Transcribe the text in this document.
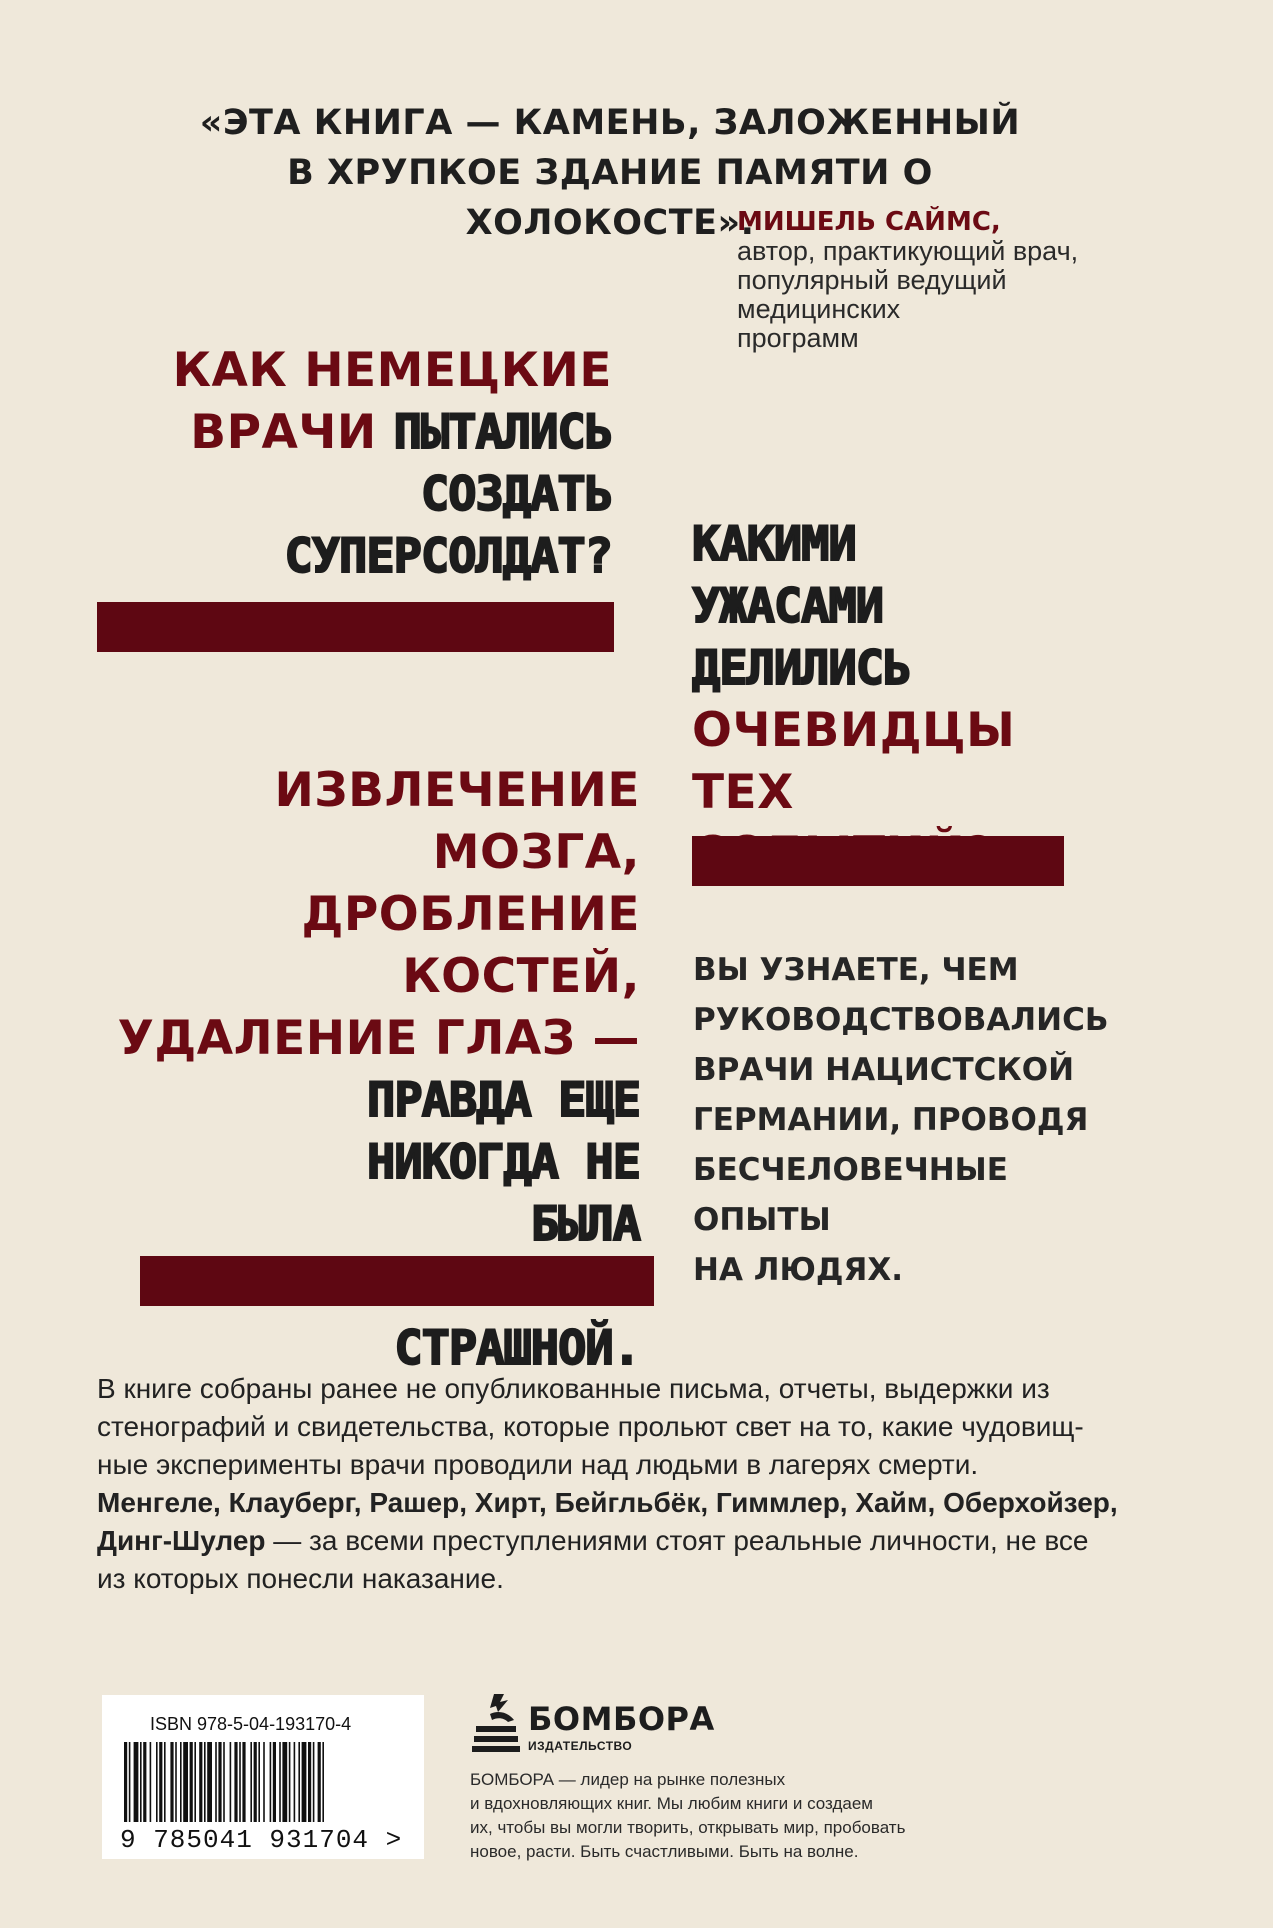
«ЭТА КНИГА — КАМЕНЬ, ЗАЛОЖЕННЫЙ
В ХРУПКОЕ ЗДАНИЕ ПАМЯТИ О ХОЛОКОСТЕ».
МИШЕЛЬ САЙМС,
автор, практикующий врач,
популярный ведущий
медицинских
программ
КАК НЕМЕЦКИЕ
ВРАЧИ ПЫТАЛИСЬ
СОЗДАТЬ
СУПЕРСОЛДАТ? КАКИМИ
УЖАСАМИ
ДЕЛИЛИСЬ
ОЧЕВИДЦЫ ТЕХ
ИЗВЛЕЧЕНИЕ МОЗГА,
ДРОБЛЕНИЕ КОСТЕЙ,
УДАЛЕНИЕ ГЛАЗ —
ПРАВДА ЕЩЕ
НИКОГДА НЕ
БЫЛА
СТРАШНОЙ.
ВЫ УЗНАЕТЕ, ЧЕМ
РУКОВОДСТВОВАЛИСЬ
ВРАЧИ НАЦИСТСКОЙ
ГЕРМАНИИ, ПРОВОДЯ
БЕСЧЕЛОВЕЧНЫЕ ОПЫТЫ
НА ЛЮДЯХ.
В книге собраны ранее не опубликованные письма, отчеты, выдержки из
стенографий и свидетельства, которые прольют свет на то, какие чудовищ-
ные эксперименты врачи проводили над людьми в лагерях смерти.
Менгеле, Клауберг, Рашер, Хирт, Бейгльбёк, Гиммлер, Хайм, Оберхойзер,
Динг-Шулер — за всеми преступлениями стоят реальные личности, не все
из которых понесли наказание.
ISBN 978-5-04-193170-4
9 785041 931704 >
БОМБОРА
ИЗДАТЕЛЬСТВО
БОМБОРА — лидер на рынке полезных
и вдохновляющих книг. Мы любим книги и создаем
их, чтобы вы могли творить, открывать мир, пробовать
новое, расти. Быть счастливыми. Быть на волне.
